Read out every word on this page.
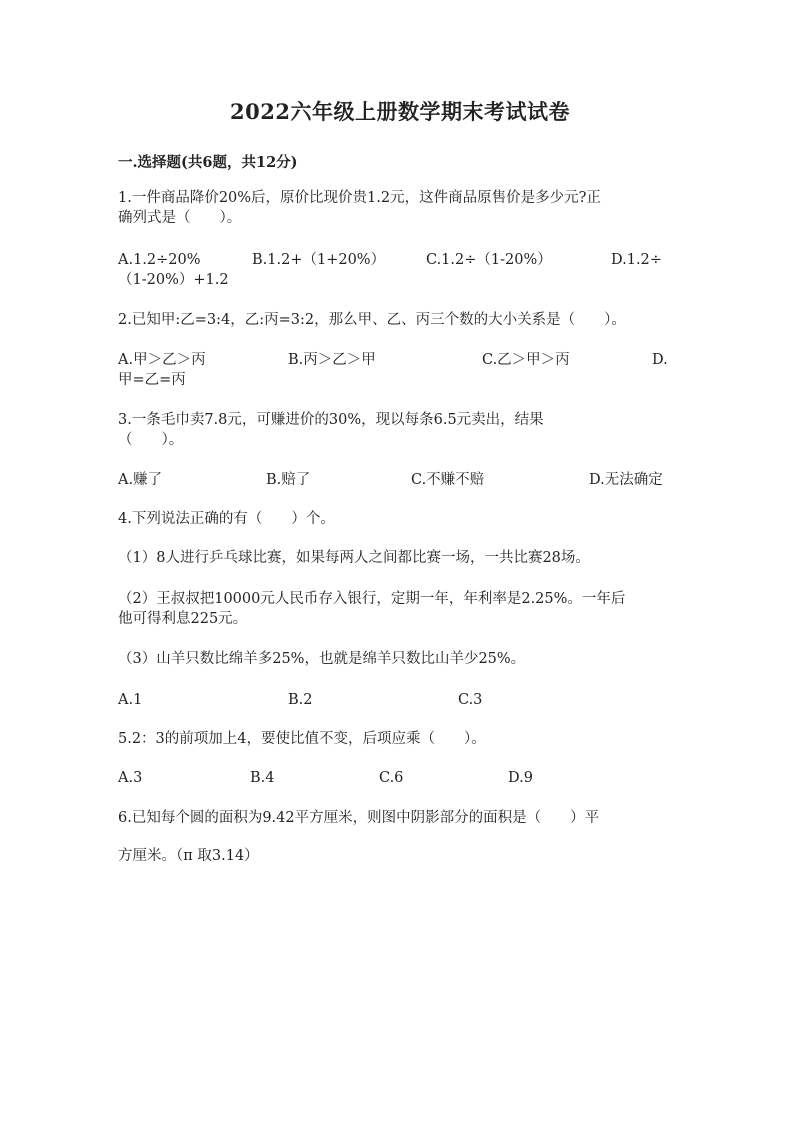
2022六年级上册数学期末考试试卷
一.选择题(共6题，共12分)
1.一件商品降价20%后，原价比现价贵1.2元，这件商品原售价是多少元?正
确列式是（　　）。
A.1.2÷20%	B.1.2+（1+20%）	C.1.2÷（1-20%）	D.1.2÷
（1-20%）+1.2
2.已知甲:乙=3:4，乙:丙=3:2，那么甲、乙、丙三个数的大小关系是（　　）。
A.甲＞乙＞丙	B.丙＞乙＞甲	C.乙＞甲＞丙	D.
甲=乙=丙
3.一条毛巾卖7.8元，可赚进价的30%，现以每条6.5元卖出，结果
（　　）。
A.赚了	B.赔了	C.不赚不赔	D.无法确定
4.下列说法正确的有（　　）个。
（1）8人进行乒乓球比赛，如果每两人之间都比赛一场，一共比赛28场。
（2）王叔叔把10000元人民币存入银行，定期一年，年利率是2.25%。一年后
他可得利息225元。
（3）山羊只数比绵羊多25%，也就是绵羊只数比山羊少25%。
A.1	B.2	C.3
5.2：3的前项加上4，要使比值不变，后项应乘（　　）。
A.3	B.4	C.6	D.9
6.已知每个圆的面积为9.42平方厘米，则图中阴影部分的面积是（　　）平
方厘米。（π 取3.14）
